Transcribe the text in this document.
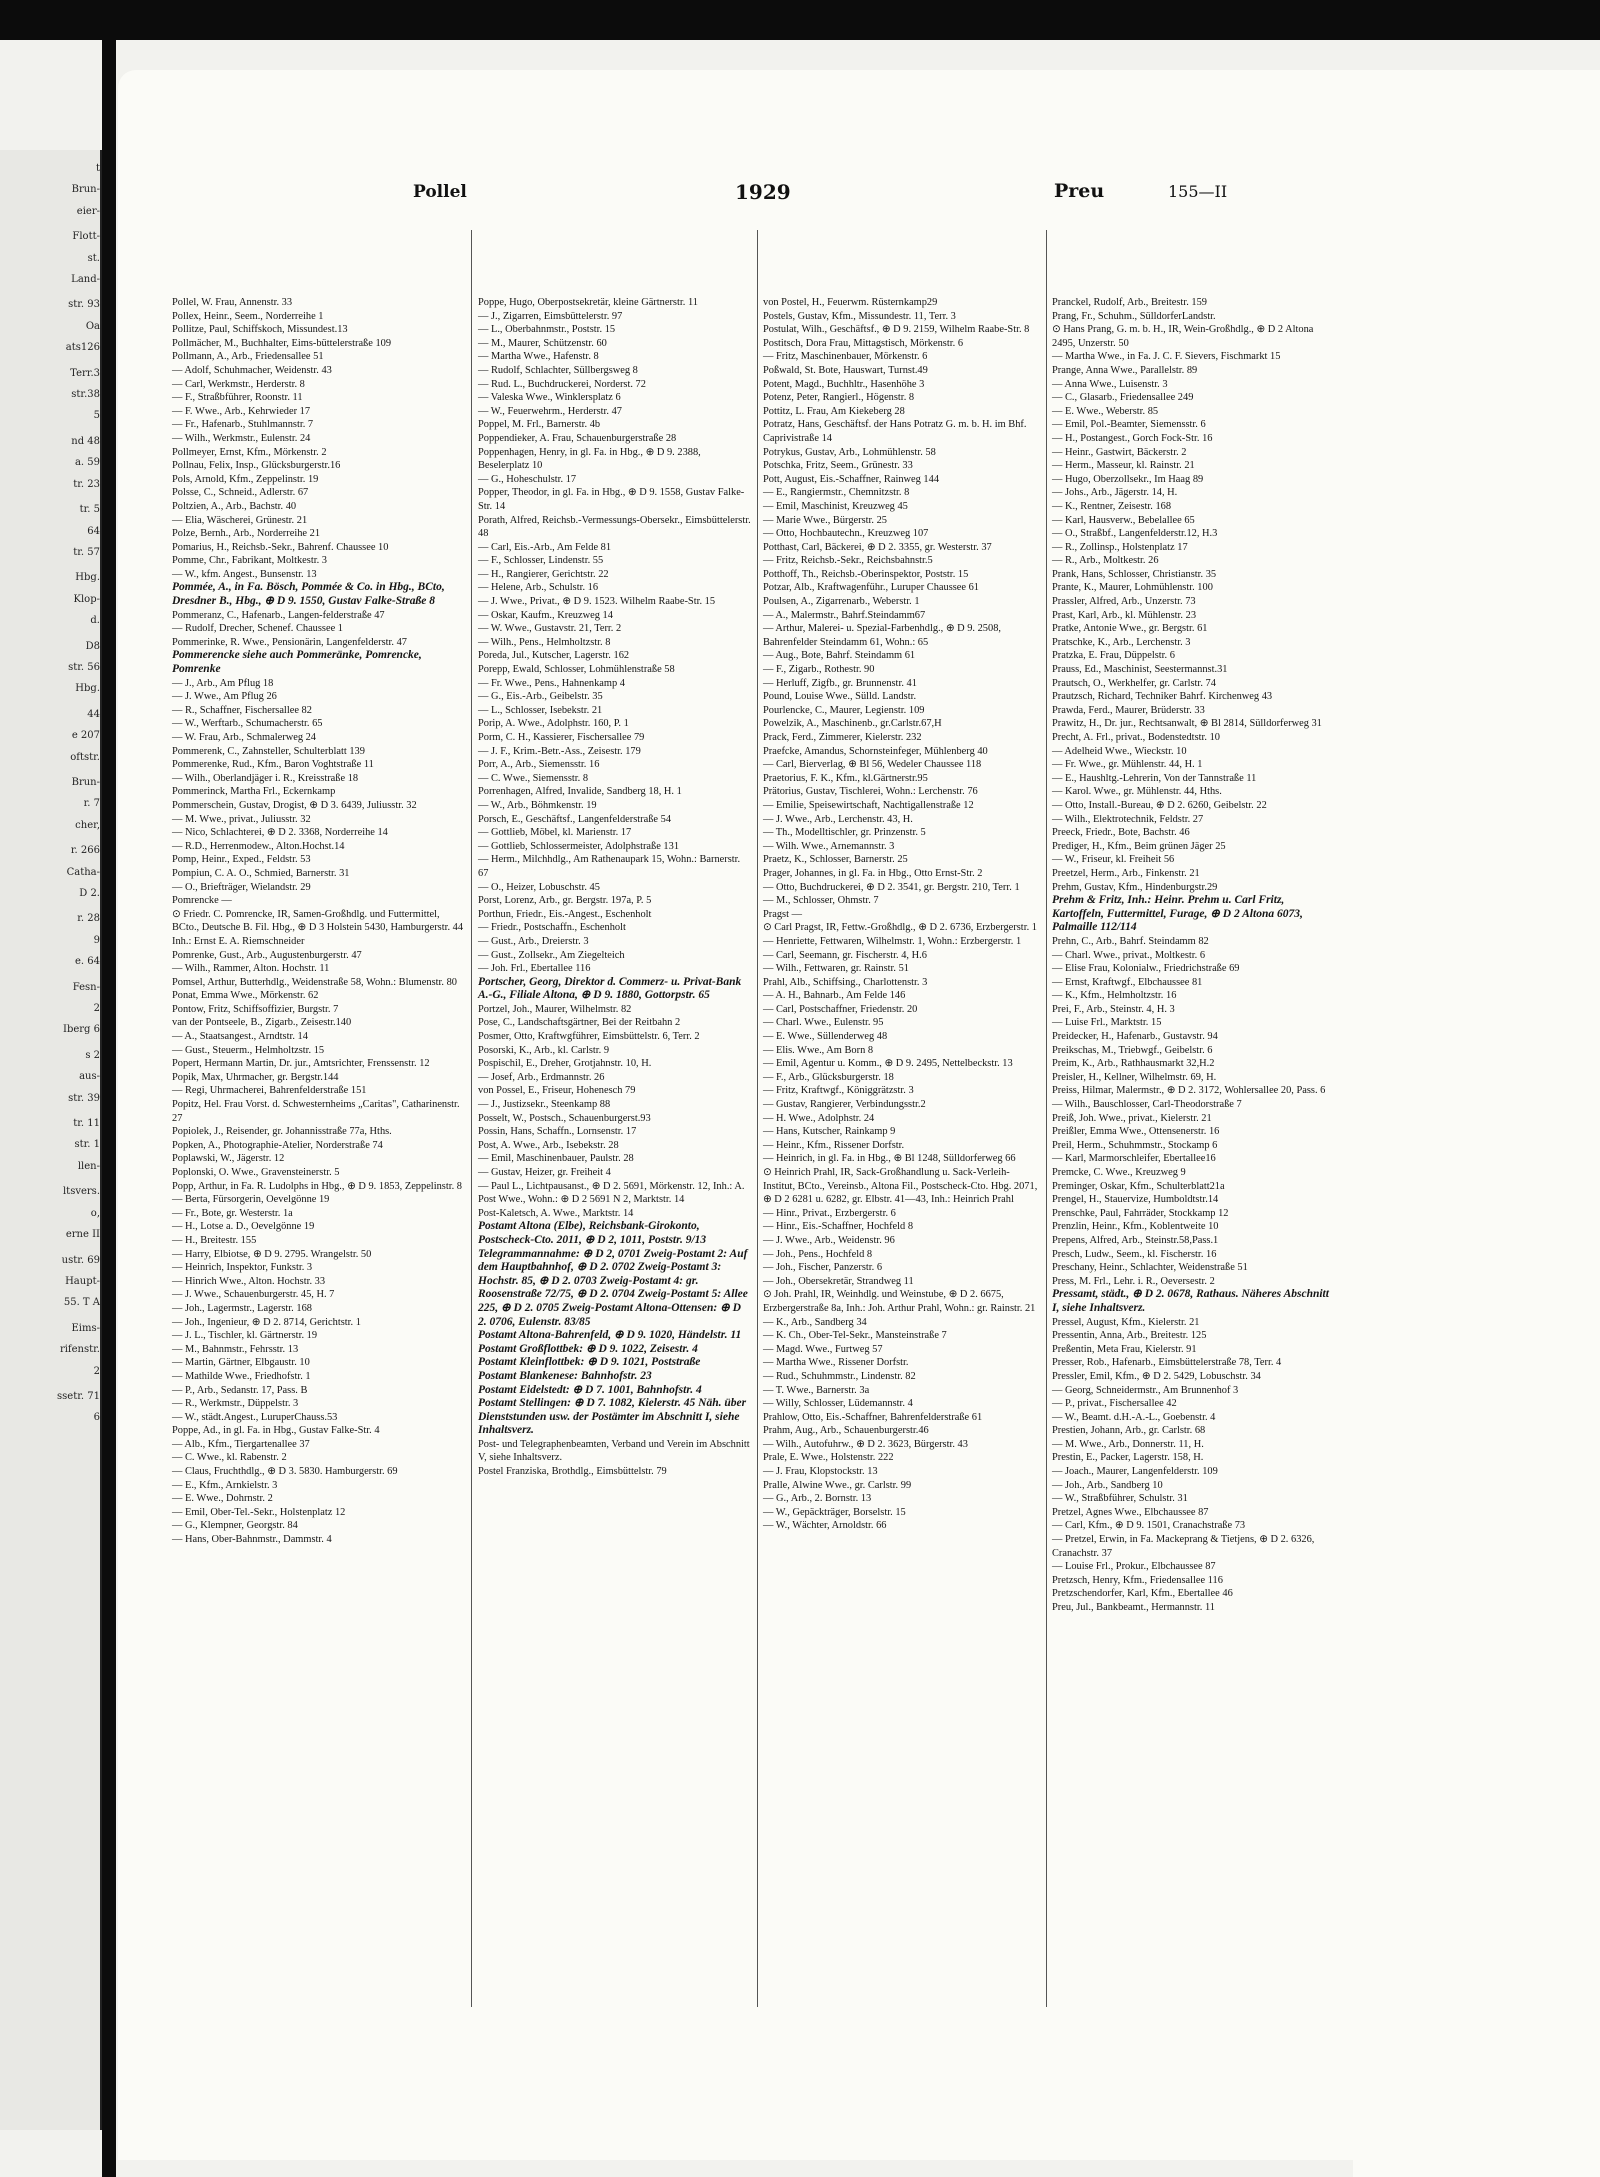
t
Brun-
eier-
Flott-
st.
Land-
str. 93
Oa
ats126
Terr.3
str.38
5
nd 48
a. 59
tr. 23
tr. 5
64
tr. 57
Hbg.
Klop-
d.
D8
str. 56
Hbg.
44
e 207
oftstr.
Brun-
r. 7
cher,
r. 266
Catha-
D 2.
r. 28
9
e. 64
Fesn-
2
Iberg 6
s 2
aus-
str. 39
tr. 11
str. 1
llen-
ltsvers.
o,
erne II
ustr. 69
Haupt-
55. T A
Eims-
rifenstr.
2
ssetr. 71
6
Pollel	1929	Preu	155—II
Pollel, W. Frau, Annenstr. 33
Pollex, Heinr., Seem., Norderreihe 1
Pollitze, Paul, Schiffskoch, Missundest.13
Pollmächer, M., Buchhalter, Eims-büttelerstraße 109
Pollmann, A., Arb., Friedensallee 51
— Adolf, Schuhmacher, Weidenstr. 43
— Carl, Werkmstr., Herderstr. 8
— F., Straßbführer, Roonstr. 11
— F. Wwe., Arb., Kehrwieder 17
— Fr., Hafenarb., Stuhlmannstr. 7
— Wilh., Werkmstr., Eulenstr. 24
Pollmeyer, Ernst, Kfm., Mörkenstr. 2
Pollnau, Felix, Insp., Glücksburgerstr.16
Pols, Arnold, Kfm., Zeppelinstr. 19
Polsse, C., Schneid., Adlerstr. 67
Poltzien, A., Arb., Bachstr. 40
— Elia, Wäscherei, Grünestr. 21
Polze, Bernh., Arb., Norderreihe 21
Pomarius, H., Reichsb.-Sekr., Bahrenf. Chaussee 10
Pomme, Chr., Fabrikant, Moltkestr. 3
— W., kfm. Angest., Bunsenstr. 13
Pommée, A., in Fa. Bösch, Pommée & Co. in Hbg., BCto, Dresdner B., Hbg., ⊕ D 9. 1550, Gustav Falke-Straße 8
Pommeranz, C., Hafenarb., Langen-felderstraße 47
— Rudolf, Drecher, Schenef. Chaussee 1
Pommerinke, R. Wwe., Pensionärin, Langenfelderstr. 47
Pommerencke siehe auch Pommeränke, Pomrencke, Pomrenke
— J., Arb., Am Pflug 18
— J. Wwe., Am Pflug 26
— R., Schaffner, Fischersallee 82
— W., Werftarb., Schumacherstr. 65
— W. Frau, Arb., Schmalerweg 24
Pommerenk, C., Zahnsteller, Schulterblatt 139
Pommerenke, Rud., Kfm., Baron Voghtstraße 11
— Wilh., Oberlandjäger i. R., Kreisstraße 18
Pommerinck, Martha Frl., Eckernkamp
Pommerschein, Gustav, Drogist, ⊕ D 3. 6439, Juliusstr. 32
— M. Wwe., privat., Juliusstr. 32
— Nico, Schlachterei, ⊕ D 2. 3368, Norderreihe 14
— R.D., Herrenmodew., Alton.Hochst.14
Pomp, Heinr., Exped., Feldstr. 53
Pompiun, C. A. O., Schmied, Barnerstr. 31
— O., Briefträger, Wielandstr. 29
Pomrencke —
⊙ Friedr. C. Pomrencke, IR, Samen-Großhdlg. und Futtermittel, BCto., Deutsche B. Fil. Hbg., ⊕ D 3 Holstein 5430, Hamburgerstr. 44 Inh.: Ernst E. A. Riemschneider
Pomrenke, Gust., Arb., Augustenburgerstr. 47
— Wilh., Rammer, Alton. Hochstr. 11
Pomsel, Arthur, Butterhdlg., Weidenstraße 58, Wohn.: Blumenstr. 80
Ponat, Emma Wwe., Mörkenstr. 62
Pontow, Fritz, Schiffsoffizier, Burgstr. 7
van der Pontseele, B., Zigarb., Zeisestr.140
— A., Staatsangest., Arndtstr. 14
— Gust., Steuerm., Helmholtzstr. 15
Popert, Hermann Martin, Dr. jur., Amtsrichter, Frenssenstr. 12
Popik, Max, Uhrmacher, gr. Bergstr.144
— Regi, Uhrmacherei, Bahrenfelderstraße 151
Popitz, Hel. Frau Vorst. d. Schwesternheims „Caritas", Catharinenstr. 27
Popiolek, J., Reisender, gr. Johannisstraße 77a, Hths.
Popken, A., Photographie-Atelier, Norderstraße 74
Poplawski, W., Jägerstr. 12
Poplonski, O. Wwe., Gravensteinerstr. 5
Popp, Arthur, in Fa. R. Ludolphs in Hbg., ⊕ D 9. 1853, Zeppelinstr. 8
— Berta, Fürsorgerin, Oevelgönne 19
— Fr., Bote, gr. Westerstr. 1a
— H., Lotse a. D., Oevelgönne 19
— H., Breitestr. 155
— Harry, Elbiotse, ⊕ D 9. 2795. Wrangelstr. 50
— Heinrich, Inspektor, Funkstr. 3
— Hinrich Wwe., Alton. Hochstr. 33
— J. Wwe., Schauenburgerstr. 45, H. 7
— Joh., Lagermstr., Lagerstr. 168
— Joh., Ingenieur, ⊕ D 2. 8714, Gerichtstr. 1
— J. L., Tischler, kl. Gärtnerstr. 19
— M., Bahnmstr., Fehrsstr. 13
— Martin, Gärtner, Elbgaustr. 10
— Mathilde Wwe., Friedhofstr. 1
— P., Arb., Sedanstr. 17, Pass. B
— R., Werkmstr., Düppelstr. 3
— W., städt.Angest., LuruperChauss.53
Poppe, Ad., in gl. Fa. in Hbg., Gustav Falke-Str. 4
— Alb., Kfm., Tiergartenallee 37
— C. Wwe., kl. Rabenstr. 2
— Claus, Fruchthdlg., ⊕ D 3. 5830. Hamburgerstr. 69
— E., Kfm., Arnkielstr. 3
— E. Wwe., Dohrnstr. 2
— Emil, Ober-Tel.-Sekr., Holstenplatz 12
— G., Klempner, Georgstr. 84
— Hans, Ober-Bahnmstr., Dammstr. 4
Poppe, Hugo, Oberpostsekretär, kleine Gärtnerstr. 11
— J., Zigarren, Eimsbüttelerstr. 97
— L., Oberbahnmstr., Poststr. 15
— M., Maurer, Schützenstr. 60
— Martha Wwe., Hafenstr. 8
— Rudolf, Schlachter, Süllbergsweg 8
— Rud. L., Buchdruckerei, Norderst. 72
— Valeska Wwe., Winklersplatz 6
— W., Feuerwehrm., Herderstr. 47
Poppel, M. Frl., Barnerstr. 4b
Poppendieker, A. Frau, Schauenburgerstraße 28
Poppenhagen, Henry, in gl. Fa. in Hbg., ⊕ D 9. 2388, Beselerplatz 10
— G., Hoheschulstr. 17
Popper, Theodor, in gl. Fa. in Hbg., ⊕ D 9. 1558, Gustav Falke-Str. 14
Porath, Alfred, Reichsb.-Vermessungs-Obersekr., Eimsbüttelerstr. 48
— Carl, Eis.-Arb., Am Felde 81
— F., Schlosser, Lindenstr. 55
— H., Rangierer, Gerichtstr. 22
— Helene, Arb., Schulstr. 16
— J. Wwe., Privat., ⊕ D 9. 1523. Wilhelm Raabe-Str. 15
— Oskar, Kaufm., Kreuzweg 14
— W. Wwe., Gustavstr. 21, Terr. 2
— Wilh., Pens., Helmholtzstr. 8
Poreda, Jul., Kutscher, Lagerstr. 162
Porepp, Ewald, Schlosser, Lohmühlenstraße 58
— Fr. Wwe., Pens., Hahnenkamp 4
— G., Eis.-Arb., Geibelstr. 35
— L., Schlosser, Isebekstr. 21
Porip, A. Wwe., Adolphstr. 160, P. 1
Porm, C. H., Kassierer, Fischersallee 79
— J. F., Krim.-Betr.-Ass., Zeisestr. 179
Porr, A., Arb., Siemensstr. 16
— C. Wwe., Siemensstr. 8
Porrenhagen, Alfred, Invalide, Sandberg 18, H. 1
— W., Arb., Böhmkenstr. 19
Porsch, E., Geschäftsf., Langenfelderstraße 54
— Gottlieb, Möbel, kl. Marienstr. 17
— Gottlieb, Schlossermeister, Adolphstraße 131
— Herm., Milchhdlg., Am Rathenaupark 15, Wohn.: Barnerstr. 67
— O., Heizer, Lobuschstr. 45
Porst, Lorenz, Arb., gr. Bergstr. 197a, P. 5
Porthun, Friedr., Eis.-Angest., Eschenholt
— Friedr., Postschaffn., Eschenholt
— Gust., Arb., Dreierstr. 3
— Gust., Zollsekr., Am Ziegelteich
— Joh. Frl., Ebertallee 116
Portscher, Georg, Direktor d. Commerz- u. Privat-Bank A.-G., Filiale Altona, ⊕ D 9. 1880, Gottorpstr. 65
Portzel, Joh., Maurer, Wilhelmstr. 82
Pose, C., Landschaftsgärtner, Bei der Reitbahn 2
Posmer, Otto, Kraftwgführer, Eimsbüttelstr. 6, Terr. 2
Posorski, K., Arb., kl. Carlstr. 9
Pospischil, E., Dreher, Grotjahnstr. 10, H.
— Josef, Arb., Erdmannstr. 26
von Possel, E., Friseur, Hohenesch 79
— J., Justizsekr., Steenkamp 88
Posselt, W., Postsch., Schauenburgerst.93
Possin, Hans, Schaffn., Lornsenstr. 17
Post, A. Wwe., Arb., Isebekstr. 28
— Emil, Maschinenbauer, Paulstr. 28
— Gustav, Heizer, gr. Freiheit 4
— Paul L., Lichtpausanst., ⊕ D 2. 5691, Mörkenstr. 12, Inh.: A. Post Wwe., Wohn.: ⊕ D 2 5691 N 2, Marktstr. 14
Post-Kaletsch, A. Wwe., Marktstr. 14
Postamt Altona (Elbe), Reichsbank-Girokonto, Postscheck-Cto. 2011, ⊕ D 2, 1011, Poststr. 9/13 Telegrammannahme: ⊕ D 2, 0701 Zweig-Postamt 2: Auf dem Hauptbahnhof, ⊕ D 2. 0702 Zweig-Postamt 3: Hochstr. 85, ⊕ D 2. 0703 Zweig-Postamt 4: gr. Roosenstraße 72/75, ⊕ D 2. 0704 Zweig-Postamt 5: Allee 225, ⊕ D 2. 0705 Zweig-Postamt Altona-Ottensen: ⊕ D 2. 0706, Eulenstr. 83/85
Postamt Altona-Bahrenfeld, ⊕ D 9. 1020, Händelstr. 11
Postamt Großflottbek: ⊕ D 9. 1022, Zeisestr. 4
Postamt Kleinflottbek: ⊕ D 9. 1021, Poststraße
Postamt Blankenese: Bahnhofstr. 23
Postamt Eidelstedt: ⊕ D 7. 1001, Bahnhofstr. 4
Postamt Stellingen: ⊕ D 7. 1082, Kielerstr. 45 Näh. über Dienststunden usw. der Postämter im Abschnitt I, siehe Inhaltsverz.
Post- und Telegraphenbeamten, Verband und Verein im Abschnitt V, siehe Inhaltsverz.
Postel Franziska, Brothdlg., Eimsbüttelstr. 79
von Postel, H., Feuerwm. Rüsternkamp29
Postels, Gustav, Kfm., Missundestr. 11, Terr. 3
Postulat, Wilh., Geschäftsf., ⊕ D 9. 2159, Wilhelm Raabe-Str. 8
Postitsch, Dora Frau, Mittagstisch, Mörkenstr. 6
— Fritz, Maschinenbauer, Mörkenstr. 6
Poßwald, St. Bote, Hauswart, Turnst.49
Potent, Magd., Buchhltr., Hasenhöhe 3
Potenz, Peter, Rangierl., Högenstr. 8
Pottitz, L. Frau, Am Kiekeberg 28
Potratz, Hans, Geschäftsf. der Hans Potratz G. m. b. H. im Bhf. Caprivistraße 14
Potrykus, Gustav, Arb., Lohmühlenstr. 58
Potschka, Fritz, Seem., Grünestr. 33
Pott, August, Eis.-Schaffner, Rainweg 144
— E., Rangiermstr., Chemnitzstr. 8
— Emil, Maschinist, Kreuzweg 45
— Marie Wwe., Bürgerstr. 25
— Otto, Hochbautechn., Kreuzweg 107
Potthast, Carl, Bäckerei, ⊕ D 2. 3355, gr. Westerstr. 37
— Fritz, Reichsb.-Sekr., Reichsbahnstr.5
Potthoff, Th., Reichsb.-Oberinspektor, Poststr. 15
Potzar, Alb., Kraftwagenführ., Luruper Chaussee 61
Poulsen, A., Zigarrenarb., Weberstr. 1
— A., Malermstr., Bahrf.Steindamm67
— Arthur, Malerei- u. Spezial-Farbenhdlg., ⊕ D 9. 2508, Bahrenfelder Steindamm 61, Wohn.: 65
— Aug., Bote, Bahrf. Steindamm 61
— F., Zigarb., Rothestr. 90
— Herluff, Zigfb., gr. Brunnenstr. 41
Pound, Louise Wwe., Sülld. Landstr.
Pourlencke, C., Maurer, Legienstr. 109
Powelzik, A., Maschinenb., gr.Carlstr.67,H
Prack, Ferd., Zimmerer, Kielerstr. 232
Praefcke, Amandus, Schornsteinfeger, Mühlenberg 40
— Carl, Bierverlag, ⊕ Bl 56, Wedeler Chaussee 118
Praetorius, F. K., Kfm., kl.Gärtnerstr.95
Prätorius, Gustav, Tischlerei, Wohn.: Lerchenstr. 76
— Emilie, Speisewirtschaft, Nachtigallenstraße 12
— J. Wwe., Arb., Lerchenstr. 43, H.
— Th., Modelltischler, gr. Prinzenstr. 5
— Wilh. Wwe., Arnemannstr. 3
Praetz, K., Schlosser, Barnerstr. 25
Prager, Johannes, in gl. Fa. in Hbg., Otto Ernst-Str. 2
— Otto, Buchdruckerei, ⊕ D 2. 3541, gr. Bergstr. 210, Terr. 1
— M., Schlosser, Ohmstr. 7
Pragst —
⊙ Carl Pragst, IR, Fettw.-Großhdlg., ⊕ D 2. 6736, Erzbergerstr. 1
— Henriette, Fettwaren, Wilhelmstr. 1, Wohn.: Erzbergerstr. 1
— Carl, Seemann, gr. Fischerstr. 4, H.6
— Wilh., Fettwaren, gr. Rainstr. 51
Prahl, Alb., Schiffsing., Charlottenstr. 3
— A. H., Bahnarb., Am Felde 146
— Carl, Postschaffner, Friedenstr. 20
— Charl. Wwe., Eulenstr. 95
— E. Wwe., Süllenderweg 48
— Elis. Wwe., Am Born 8
— Emil, Agentur u. Komm., ⊕ D 9. 2495, Nettelbeckstr. 13
— F., Arb., Glücksburgerstr. 18
— Fritz, Kraftwgf., Königgrätzstr. 3
— Gustav, Rangierer, Verbindungsstr.2
— H. Wwe., Adolphstr. 24
— Hans, Kutscher, Rainkamp 9
— Heinr., Kfm., Rissener Dorfstr.
— Heinrich, in gl. Fa. in Hbg., ⊕ Bl 1248, Sülldorferweg 66
⊙ Heinrich Prahl, IR, Sack-Großhandlung u. Sack-Verleih-Institut, BCto., Vereinsb., Altona Fil., Postscheck-Cto. Hbg. 2071, ⊕ D 2 6281 u. 6282, gr. Elbstr. 41—43, Inh.: Heinrich Prahl
— Hinr., Privat., Erzbergerstr. 6
— Hinr., Eis.-Schaffner, Hochfeld 8
— J. Wwe., Arb., Weidenstr. 96
— Joh., Pens., Hochfeld 8
— Joh., Fischer, Panzerstr. 6
— Joh., Obersekretär, Strandweg 11
⊙ Joh. Prahl, IR, Weinhdlg. und Weinstube, ⊕ D 2. 6675, Erzbergerstraße 8a, Inh.: Joh. Arthur Prahl, Wohn.: gr. Rainstr. 21
— K., Arb., Sandberg 34
— K. Ch., Ober-Tel-Sekr., Mansteinstraße 7
— Magd. Wwe., Furtweg 57
— Martha Wwe., Rissener Dorfstr.
— Rud., Schuhmmstr., Lindenstr. 82
— T. Wwe., Barnerstr. 3a
— Willy, Schlosser, Lüdemannstr. 4
Prahlow, Otto, Eis.-Schaffner, Bahrenfelderstraße 61
Prahm, Aug., Arb., Schauenburgerstr.46
— Wilh., Autofuhrw., ⊕ D 2. 3623, Bürgerstr. 43
Prale, E. Wwe., Holstenstr. 222
— J. Frau, Klopstockstr. 13
Pralle, Alwine Wwe., gr. Carlstr. 99
— G., Arb., 2. Bornstr. 13
— W., Gepäckträger, Borselstr. 15
— W., Wächter, Arnoldstr. 66
Pranckel, Rudolf, Arb., Breitestr. 159
Prang, Fr., Schuhm., SülldorferLandstr.
⊙ Hans Prang, G. m. b. H., IR, Wein-Großhdlg., ⊕ D 2 Altona 2495, Unzerstr. 50
— Martha Wwe., in Fa. J. C. F. Sievers, Fischmarkt 15
Prange, Anna Wwe., Parallelstr. 89
— Anna Wwe., Luisenstr. 3
— C., Glasarb., Friedensallee 249
— E. Wwe., Weberstr. 85
— Emil, Pol.-Beamter, Siemensstr. 6
— H., Postangest., Gorch Fock-Str. 16
— Heinr., Gastwirt, Bäckerstr. 2
— Herm., Masseur, kl. Rainstr. 21
— Hugo, Oberzollsekr., Im Haag 89
— Johs., Arb., Jägerstr. 14, H.
— K., Rentner, Zeisestr. 168
— Karl, Hausverw., Bebelallee 65
— O., Straßbf., Langenfelderstr.12, H.3
— R., Zollinsp., Holstenplatz 17
— R., Arb., Moltkestr. 26
Prank, Hans, Schlosser, Christianstr. 35
Prante, K., Maurer, Lohmühlenstr. 100
Prassler, Alfred, Arb., Unzerstr. 73
Prast, Karl, Arb., kl. Mühlenstr. 23
Pratke, Antonie Wwe., gr. Bergstr. 61
Pratschke, K., Arb., Lerchenstr. 3
Pratzka, E. Frau, Düppelstr. 6
Prauss, Ed., Maschinist, Seestermannst.31
Prautsch, O., Werkhelfer, gr. Carlstr. 74
Prautzsch, Richard, Techniker Bahrf. Kirchenweg 43
Prawda, Ferd., Maurer, Brüderstr. 33
Prawitz, H., Dr. jur., Rechtsanwalt, ⊕ Bl 2814, Sülldorferweg 31
Precht, A. Frl., privat., Bodenstedtstr. 10
— Adelheid Wwe., Wieckstr. 10
— Fr. Wwe., gr. Mühlenstr. 44, H. 1
— E., Haushltg.-Lehrerin, Von der Tannstraße 11
— Karol. Wwe., gr. Mühlenstr. 44, Hths.
— Otto, Install.-Bureau, ⊕ D 2. 6260, Geibelstr. 22
— Wilh., Elektrotechnik, Feldstr. 27
Preeck, Friedr., Bote, Bachstr. 46
Prediger, H., Kfm., Beim grünen Jäger 25
— W., Friseur, kl. Freiheit 56
Preetzel, Herm., Arb., Finkenstr. 21
Prehm, Gustav, Kfm., Hindenburgstr.29
Prehm & Fritz, Inh.: Heinr. Prehm u. Carl Fritz, Kartoffeln, Futtermittel, Furage, ⊕ D 2 Altona 6073, Palmaille 112/114
Prehn, C., Arb., Bahrf. Steindamm 82
— Charl. Wwe., privat., Moltkestr. 6
— Elise Frau, Kolonialw., Friedrichstraße 69
— Ernst, Kraftwgf., Elbchaussee 81
— K., Kfm., Helmholtzstr. 16
Prei, F., Arb., Steinstr. 4, H. 3
— Luise Frl., Marktstr. 15
Preidecker, H., Hafenarb., Gustavstr. 94
Preikschas, M., Triebwgf., Geibelstr. 6
Preim, K., Arb., Rathhausmarkt 32,H.2
Preisler, H., Kellner, Wilhelmstr. 69, H.
Preiss, Hilmar, Malermstr., ⊕ D 2. 3172, Wohlersallee 20, Pass. 6
— Wilh., Bauschlosser, Carl-Theodorstraße 7
Preiß, Joh. Wwe., privat., Kielerstr. 21
Preißler, Emma Wwe., Ottensenerstr. 16
Preil, Herm., Schuhmmstr., Stockamp 6
— Karl, Marmorschleifer, Ebertallee16
Premcke, C. Wwe., Kreuzweg 9
Preminger, Oskar, Kfm., Schulterblatt21a
Prengel, H., Stauervize, Humboldtstr.14
Prenschke, Paul, Fahrräder, Stockkamp 12
Prenzlin, Heinr., Kfm., Koblentweite 10
Prepens, Alfred, Arb., Steinstr.58,Pass.1
Presch, Ludw., Seem., kl. Fischerstr. 16
Preschany, Heinr., Schlachter, Weidenstraße 51
Press, M. Frl., Lehr. i. R., Oeversestr. 2
Pressamt, städt., ⊕ D 2. 0678, Rathaus. Näheres Abschnitt I, siehe Inhaltsverz.
Pressel, August, Kfm., Kielerstr. 21
Pressentin, Anna, Arb., Breitestr. 125
Preßentin, Meta Frau, Kielerstr. 91
Presser, Rob., Hafenarb., Eimsbüttelerstraße 78, Terr. 4
Pressler, Emil, Kfm., ⊕ D 2. 5429, Lobuschstr. 34
— Georg, Schneidermstr., Am Brunnenhof 3
— P., privat., Fischersallee 42
— W., Beamt. d.H.-A.-L., Goebenstr. 4
Prestien, Johann, Arb., gr. Carlstr. 68
— M. Wwe., Arb., Donnerstr. 11, H.
Prestin, E., Packer, Lagerstr. 158, H.
— Joach., Maurer, Langenfelderstr. 109
— Joh., Arb., Sandberg 10
— W., Straßbführer, Schulstr. 31
Pretzel, Agnes Wwe., Elbchaussee 87
— Carl, Kfm., ⊕ D 9. 1501, Cranachstraße 73
— Pretzel, Erwin, in Fa. Mackeprang & Tietjens, ⊕ D 2. 6326, Cranachstr. 37
— Louise Frl., Prokur., Elbchaussee 87
Pretzsch, Henry, Kfm., Friedensallee 116
Pretzschendorfer, Karl, Kfm., Ebertallee 46
Preu, Jul., Bankbeamt., Hermannstr. 11
